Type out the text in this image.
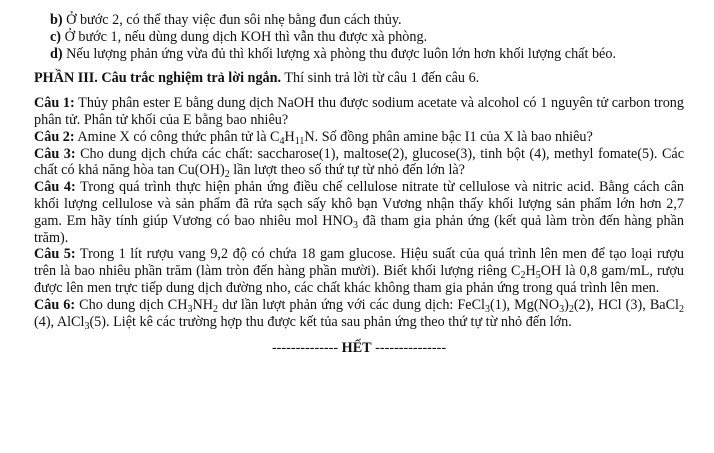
b) Ở bước 2, có thể thay việc đun sôi nhẹ bằng đun cách thủy.

c) Ở bước 1, nếu dùng dung dịch KOH thì vẫn thu được xà phòng.

d) Nếu lượng phản ứng vừa đủ thì khối lượng xà phòng thu được luôn lớn hơn khối lượng chất béo.

PHẦN III. Câu trắc nghiệm trả lời ngắn. Thí sinh trả lời từ câu 1 đến câu 6.

Câu 1: Thủy phân ester E bằng dung dịch NaOH thu được sodium acetate và alcohol có 1 nguyên tử carbon trong phân tử. Phân tử khối của E bằng bao nhiêu?

Câu 2: Amine X có công thức phân tử là $C_4H_{11}N$. Số đồng phân amine bậc I1 của X là bao nhiêu?

Câu 3: Cho dung dịch chứa các chất: saccharose(1), maltose(2), glucose(3), tinh bột (4), methyl fomate(5). Các chất có khả năng hòa $\tan Cu(OH)_2$ lần lượt theo số thứ tự từ nhỏ đến lớn là?

Câu 4: Trong quá trình thực hiện phản ứng điều chế cellulose nitrate từ cellulose và nitric acid. Bằng cách cân khối lượng cellulose và sản phẩm đã rửa sạch sấy khô bạn Vương nhận thấy khối lượng sản phẩm lớn hơn 2,7 gam. Em hãy tính giúp Vương có bao nhiêu mol $HNO_3$ đã tham gia phản ứng (kết quả làm tròn đến hàng phần trăm).

Câu 5: Trong 1 lít rượu vang 9,2 độ có chứa 18 gam glucose. Hiệu suất của quá trình lên men để tạo loại rượu trên là bao nhiêu phần trăm (làm tròn đến hàng phần mười). Biết khối lượng riêng $C_2H_5OH$ là 0,8 gam/mL, rượu được lên men trực tiếp dung dịch đường nho, các chất khác không tham gia phản ứng trong quá trình lên men.

Câu 6: Cho dung dịch $CH_3NH_2$ dư lần lượt phản ứng với các dung dịch: FeCl$_3$(1), $Mg(NO_3)_2(2)$, HCl (3), BaCl$_2$ (4), AlCl$_3$(5). Liệt kê các trường hợp thu được kết tủa sau phản ứng theo thứ tự từ nhỏ đến lớn.

-------------- HẾT ---------------
